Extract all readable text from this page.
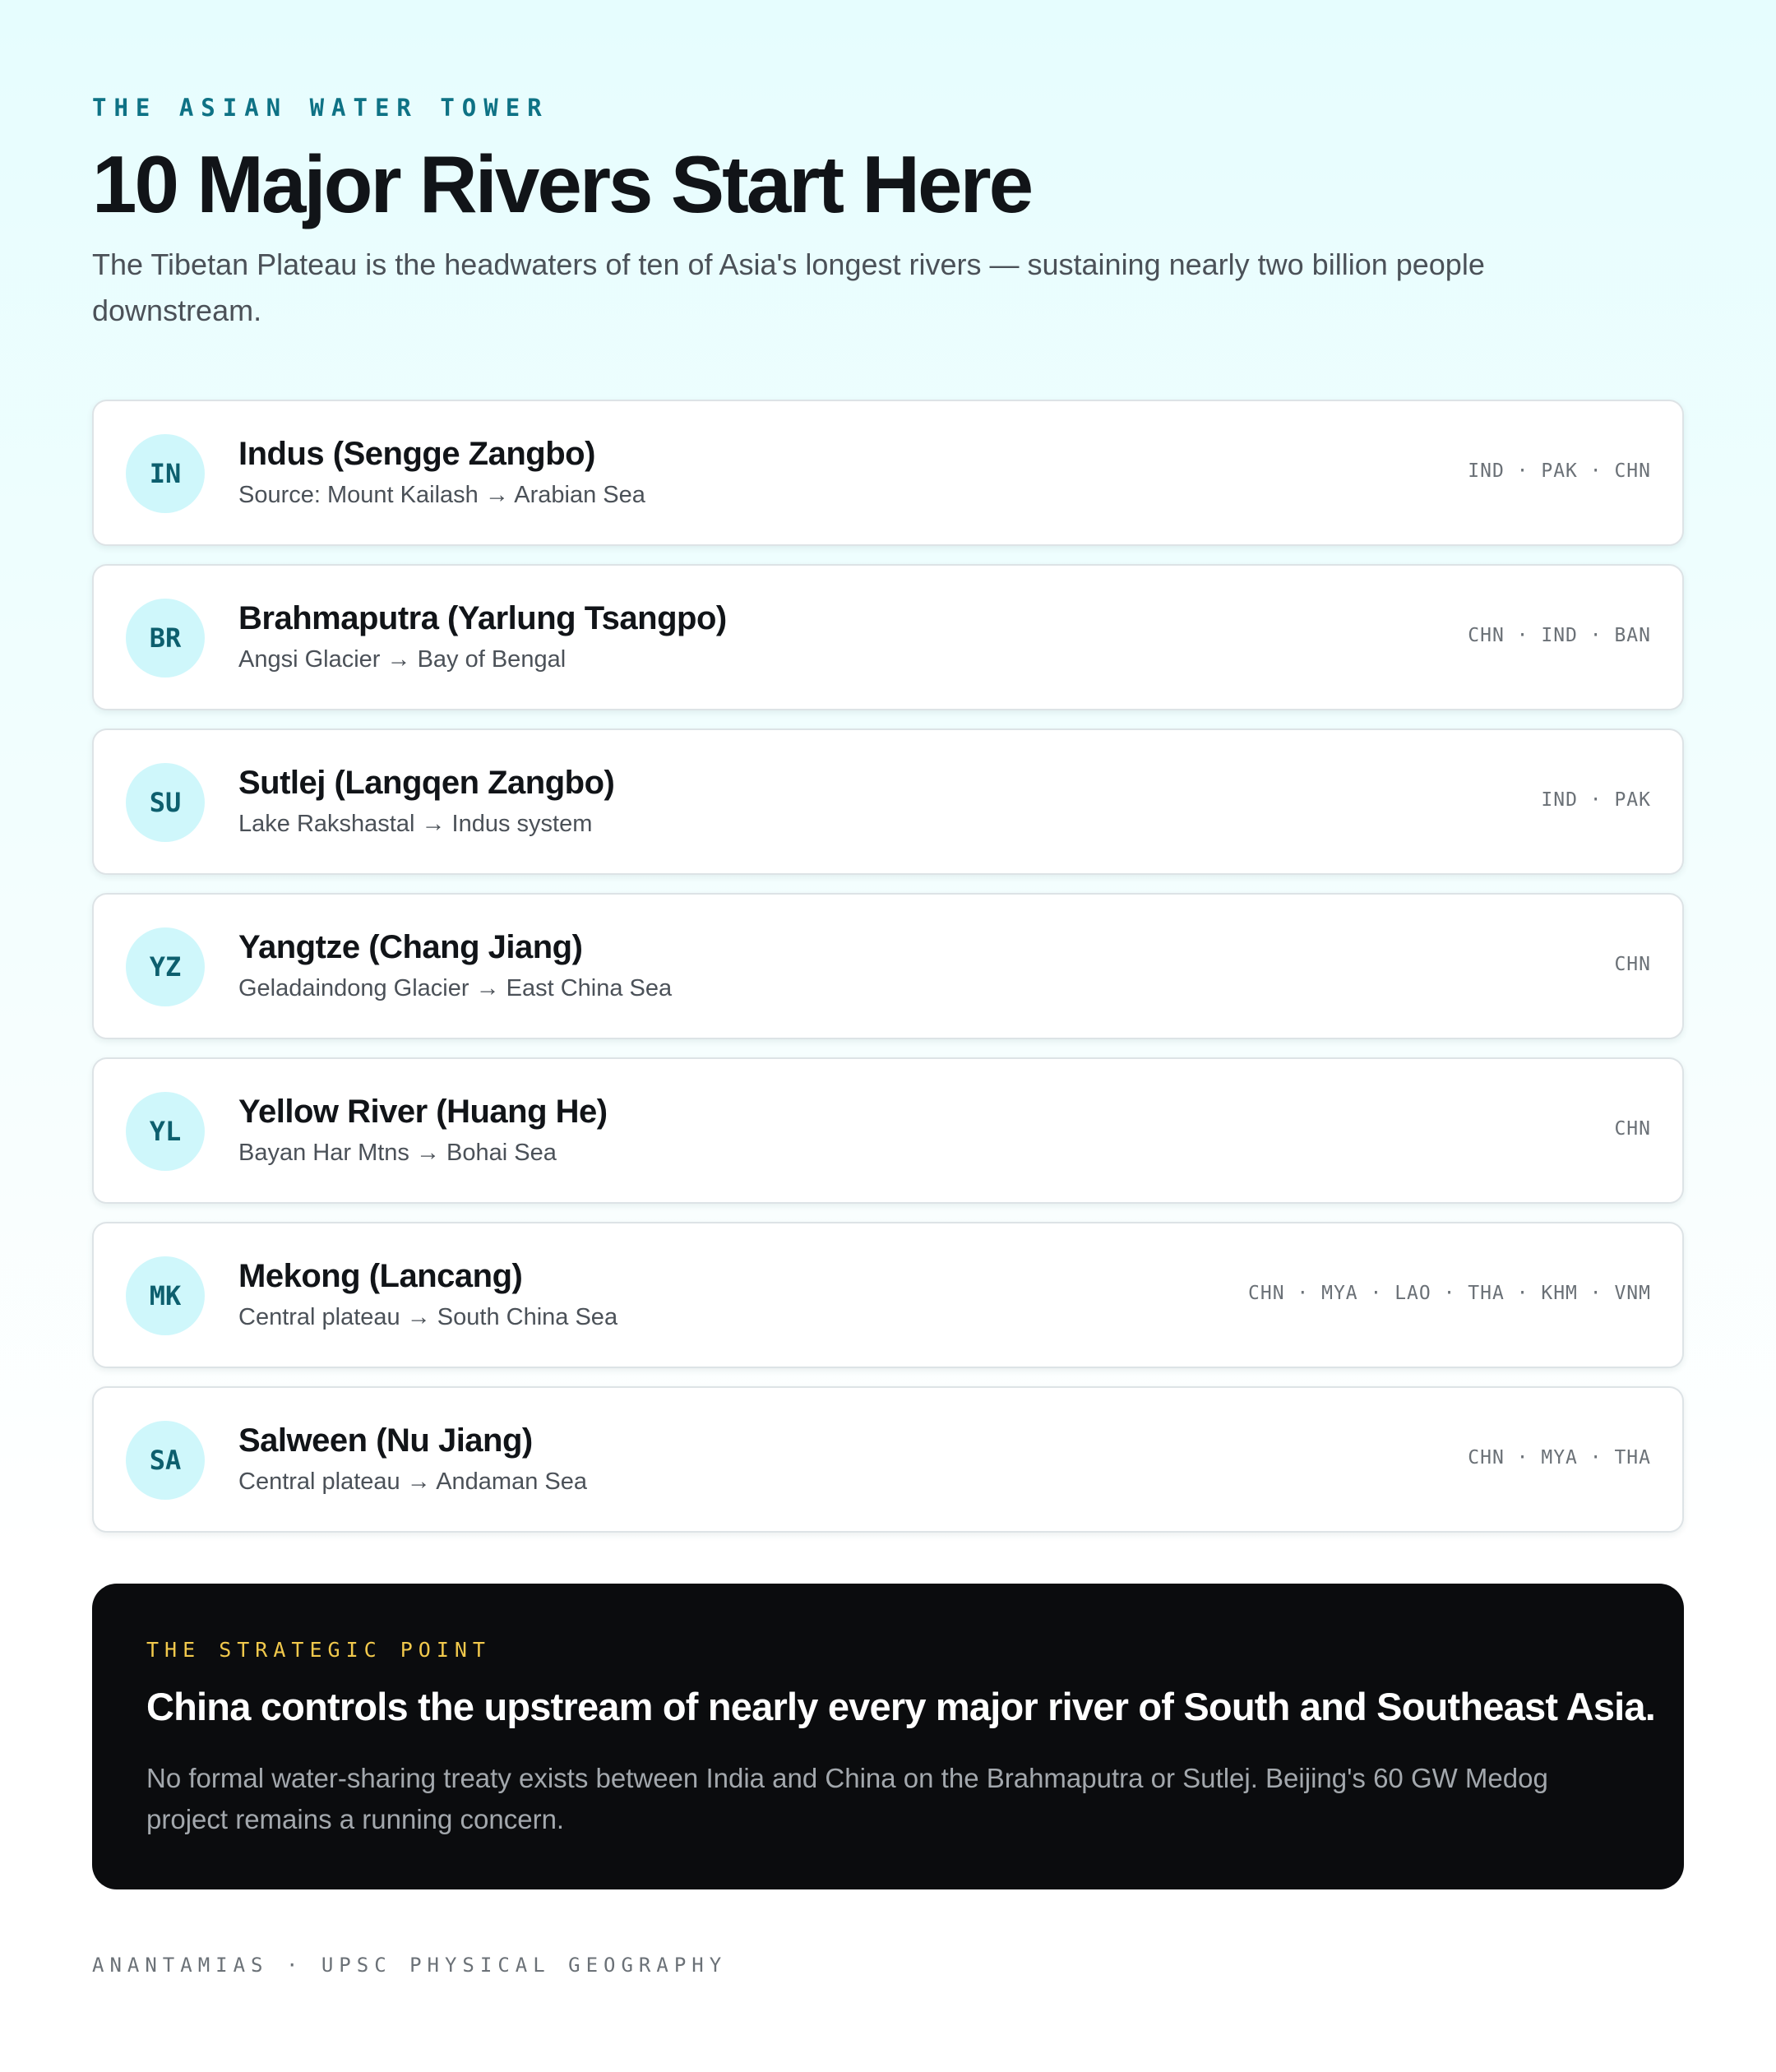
THE ASIAN WATER TOWER
10 Major Rivers Start Here

The Tibetan Plateau is the headwaters of ten of Asia's longest rivers — sustaining nearly two billion people downstream.

IN
Indus (Sengge Zangbo)
Source: Mount Kailash → Arabian Sea
IND · PAK · CHN
BR
Brahmaputra (Yarlung Tsangpo)
Angsi Glacier → Bay of Bengal
CHN · IND · BAN
SU
Sutlej (Langqen Zangbo)
Lake Rakshastal → Indus system
IND · PAK
YZ
Yangtze (Chang Jiang)
Geladaindong Glacier → East China Sea
CHN
YL
Yellow River (Huang He)
Bayan Har Mtns → Bohai Sea
CHN
MK
Mekong (Lancang)
Central plateau → South China Sea
CHN · MYA · LAO · THA · KHM · VNM
SA
Salween (Nu Jiang)
Central plateau → Andaman Sea
CHN · MYA · THA
THE STRATEGIC POINT
China controls the upstream of nearly every major river of South and Southeast Asia.

No formal water-sharing treaty exists between India and China on the Brahmaputra or Sutlej. Beijing's 60 GW Medog project remains a running concern.

ANANTAMIAS · UPSC PHYSICAL GEOGRAPHY
